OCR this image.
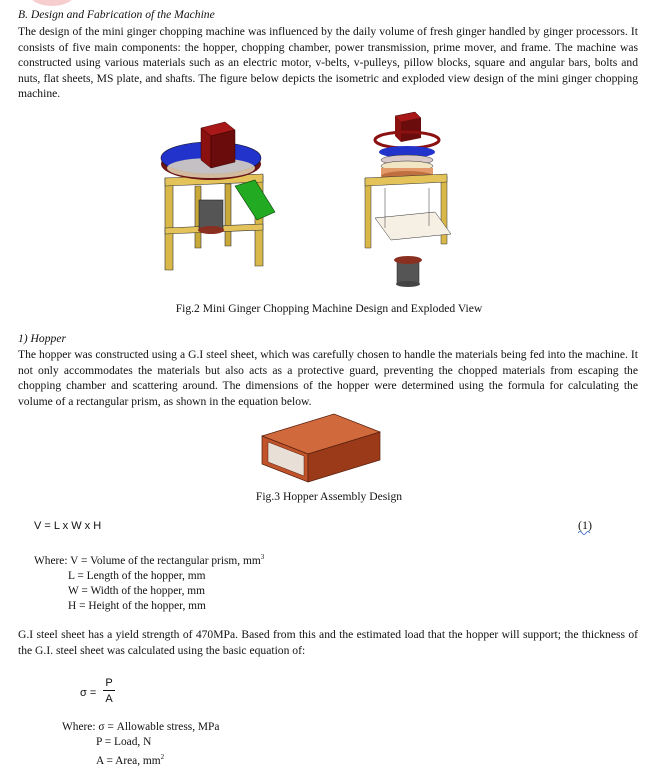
B. Design and Fabrication of the Machine
The design of the mini ginger chopping machine was influenced by the daily volume of fresh ginger handled by ginger processors. It consists of five main components: the hopper, chopping chamber, power transmission, prime mover, and frame. The machine was constructed using various materials such as an electric motor, v-belts, v-pulleys, pillow blocks, square and angular bars, bolts and nuts, flat sheets, MS plate, and shafts. The figure below depicts the isometric and exploded view design of the mini ginger chopping machine.
Fig.2 Mini Ginger Chopping Machine Design and Exploded View
1) Hopper
The hopper was constructed using a G.I steel sheet, which was carefully chosen to handle the materials being fed into the machine. It not only accommodates the materials but also acts as a protective guard, preventing the chopped materials from escaping the chopping chamber and scattering around. The dimensions of the hopper were determined using the formula for calculating the volume of a rectangular prism, as shown in the equation below.
Fig.3 Hopper Assembly Design
V = L x W x H	(1)
Where: V = Volume of the rectangular prism, $mm^3$
L = Length of the hopper, mm
W = Width of the hopper, mm
H = Height of the hopper, mm
G.I steel sheet has a yield strength of 470MPa. Based from this and the estimated load that the hopper will support; the thickness of the G.I. steel sheet was calculated using the basic equation of:
σ =
P
A
Where: σ = Allowable stress, MPa
P = Load, N
A = Area, $mm^2$
